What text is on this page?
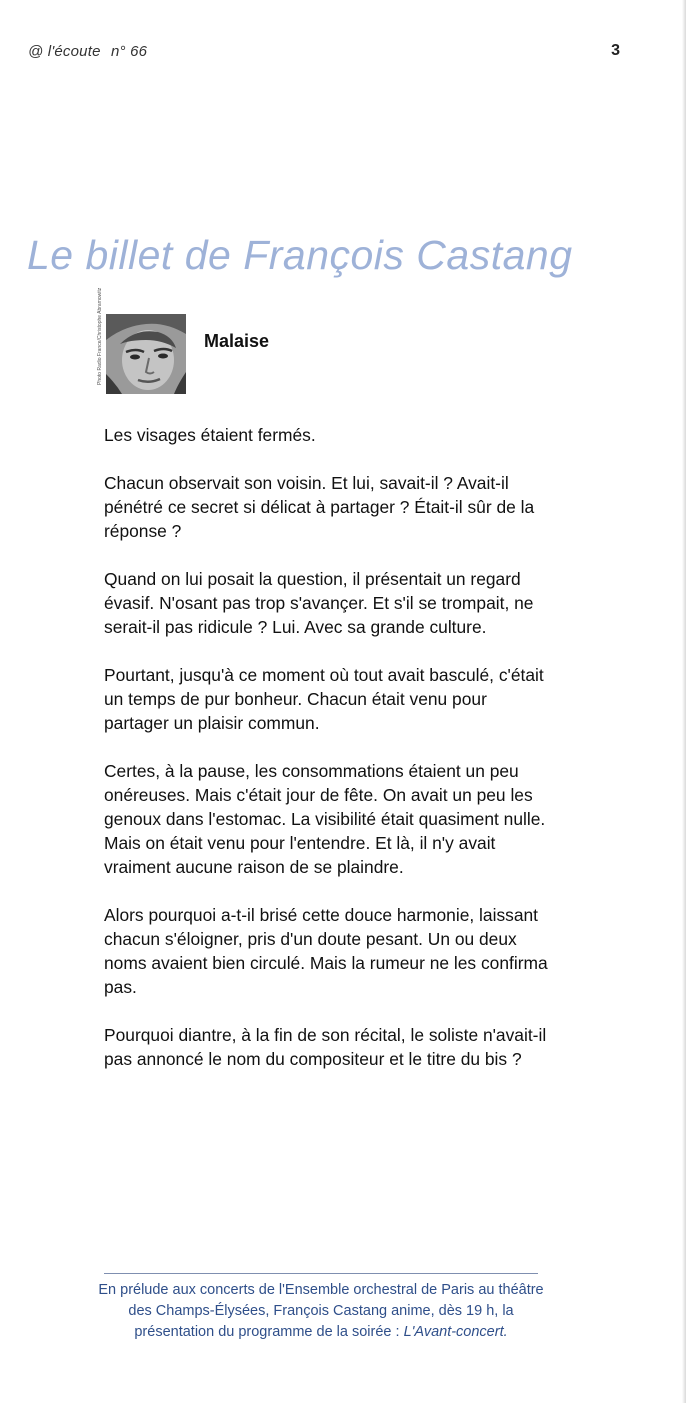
@ l'écoute n° 66	3
Le billet de François Castang
Photo Radio France/Christophe Abramowitz	Malaise

Les visages étaient fermés.

Chacun observait son voisin. Et lui, savait-il ? Avait-il pénétré ce secret si délicat à partager ? Était-il sûr de la réponse ?

Quand on lui posait la question, il présentait un regard évasif. N'osant pas trop s'avançer. Et s'il se trompait, ne serait-il pas ridicule ? Lui. Avec sa grande culture.

Pourtant, jusqu'à ce moment où tout avait basculé, c'était un temps de pur bonheur. Chacun était venu pour partager un plaisir commun.

Certes, à la pause, les consommations étaient un peu onéreuses. Mais c'était jour de fête. On avait un peu les genoux dans l'estomac. La visibilité était quasiment nulle. Mais on était venu pour l'entendre. Et là, il n'y avait vraiment aucune raison de se plaindre.

Alors pourquoi a-t-il brisé cette douce harmonie, laissant chacun s'éloigner, pris d'un doute pesant. Un ou deux noms avaient bien circulé. Mais la rumeur ne les confirma pas.

Pourquoi diantre, à la fin de son récital, le soliste n'avait-il pas annoncé le nom du compositeur et le titre du bis ?

En prélude aux concerts de l'Ensemble orchestral de Paris au théâtre des Champs-Élysées, François Castang anime, dès 19 h, la présentation du programme de la soirée : L'Avant-concert.
